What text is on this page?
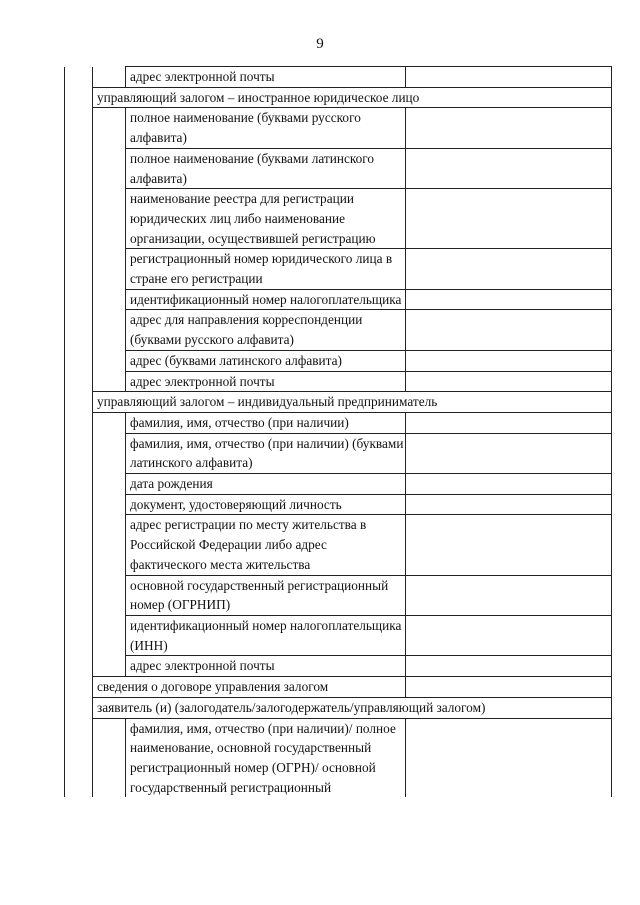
9
		адрес электронной почты	
	управляющий залогом – иностранное юридическое лицо		
		полное наименование (буквами русского алфавита)	
		полное наименование (буквами латинского алфавита)	
		наименование реестра для регистрации юридических лиц либо наименование организации, осуществившей регистрацию	
		регистрационный номер юридического лица в стране его регистрации	
		идентификационный номер налогоплательщика	
		адрес для направления корреспонденции (буквами русского алфавита)	
		адрес (буквами латинского алфавита)	
		адрес электронной почты	
	управляющий залогом – индивидуальный предприниматель		
		фамилия, имя, отчество (при наличии)	
		фамилия, имя, отчество (при наличии) (буквами латинского алфавита)	
		дата рождения	
		документ, удостоверяющий личность	
		адрес регистрации по месту жительства в Российской Федерации либо адрес фактического места жительства	
		основной государственный регистрационный номер (ОГРНИП)	
		идентификационный номер налогоплательщика (ИНН)	
		адрес электронной почты	
	сведения о договоре управления залогом		
	заявитель (и) (залогодатель/залогодержатель/управляющий залогом)		
		фамилия, имя, отчество (при наличии)/ полное наименование, основной государственный регистрационный номер (ОГРН)/ основной государственный регистрационный	
